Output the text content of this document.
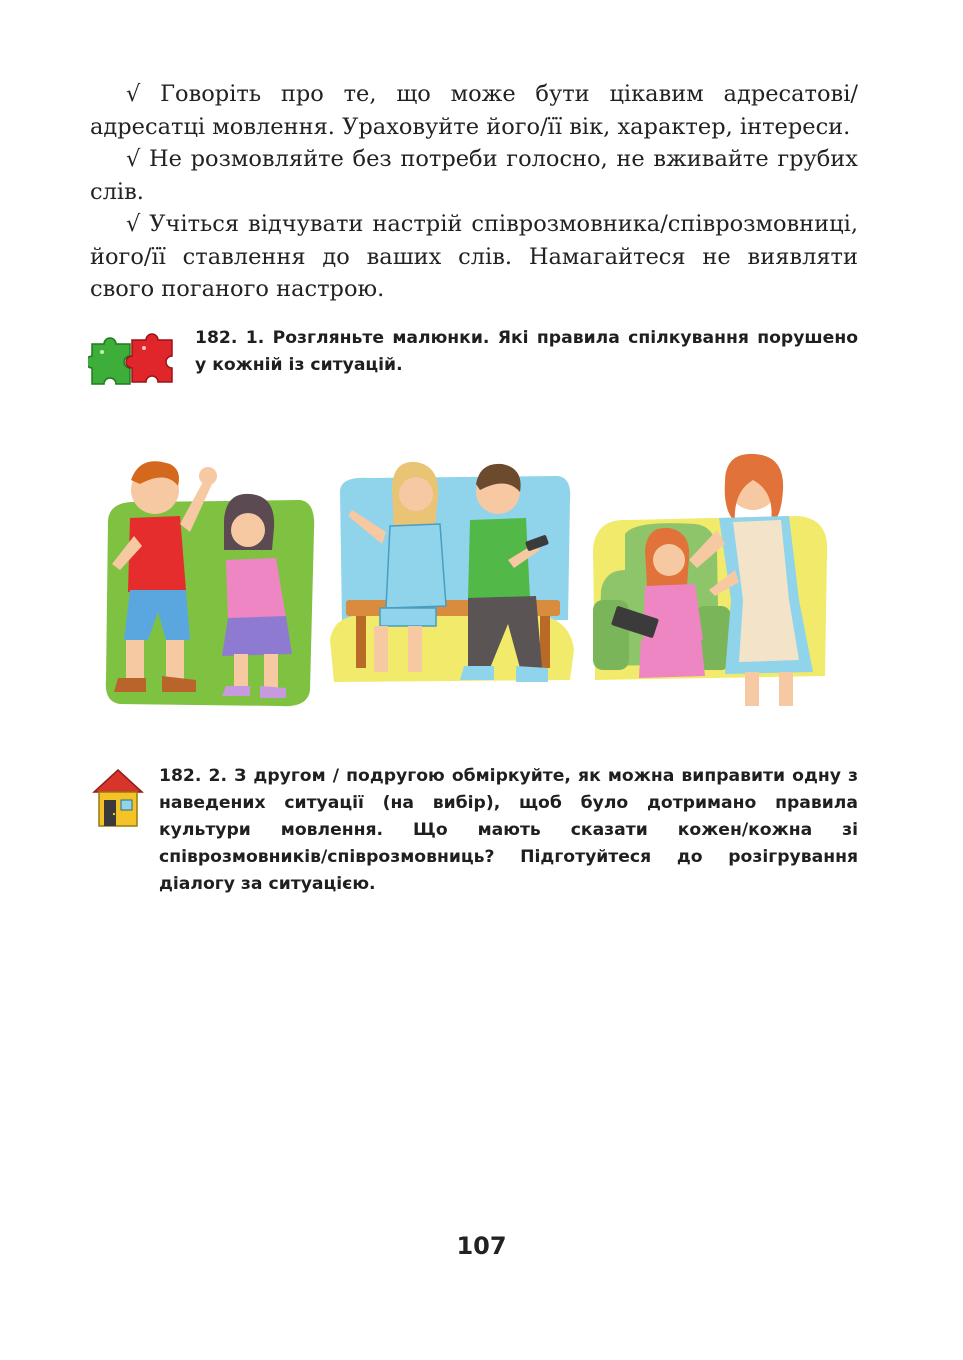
√ Говоріть про те, що може бути цікавим адресатові/адресатці мовлення. Ураховуйте його/її вік, характер, інтереси.

√ Не розмовляйте без потреби голосно, не вживайте грубих слів.

√ Учіться відчувати настрій співрозмовника/співрозмовниці, його/її ставлення до ваших слів. Намагайтеся не виявляти свого поганого настрою.

182. 1. Розгляньте малюнки. Які правила спілкування порушено у кожній із ситуацій.
182. 2. З другом / подругою обміркуйте, як можна виправити одну з наведених ситуації (на вибір), щоб було дотримано правила культури мовлення. Що мають сказати кожен/кожна зі співрозмовників/співрозмовниць? Підготуйтеся до розігрування діалогу за ситуацією.
107
